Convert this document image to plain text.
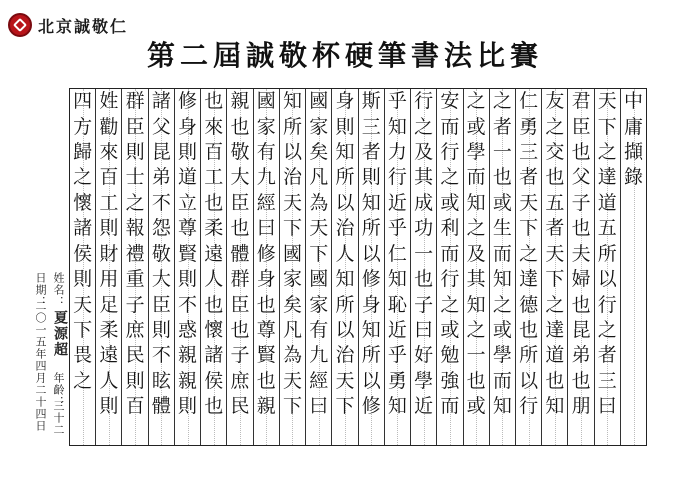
北京誠敬仁
第二屆誠敬杯硬筆書法比賽
四
方
歸
之
懷
諸
侯
則
天
下
畏
之
姓
勸
來
百
工
則
財
用
足
柔
遠
人
則
群
臣
則
士
之
報
禮
重
子
庶
民
則
百
諸
父
昆
弟
不
怨
敬
大
臣
則
不
眩
體
修
身
則
道
立
尊
賢
則
不
惑
親
親
則
也
來
百
工
也
柔
遠
人
也
懷
諸
侯
也
親
也
敬
大
臣
也
體
群
臣
也
子
庶
民
國
家
有
九
經
曰
修
身
也
尊
賢
也
親
知
所
以
治
天
下
國
家
矣
凡
為
天
下
國
家
矣
凡
為
天
下
國
家
有
九
經
曰
身
則
知
所
以
治
人
知
所
以
治
天
下
斯
三
者
則
知
所
以
修
身
知
所
以
修
乎
知
力
行
近
乎
仁
知
恥
近
乎
勇
知
行
之
及
其
成
功
一
也
子
曰
好
學
近
安
而
行
之
或
利
而
行
之
或
勉
強
而
之
或
學
而
知
之
及
其
知
之
一
也
或
之
者
一
也
或
生
而
知
之
或
學
而
知
仁
勇
三
者
天
下
之
達
德
也
所
以
行
友
之
交
也
五
者
天
下
之
達
道
也
知
君
臣
也
父
子
也
夫
婦
也
昆
弟
也
朋
天
下
之
達
道
五
所
以
行
之
者
三
曰
中
庸
擷
錄
姓名：
夏源超
年齡：
三十二
日期：
二〇一五年四月二十四日
